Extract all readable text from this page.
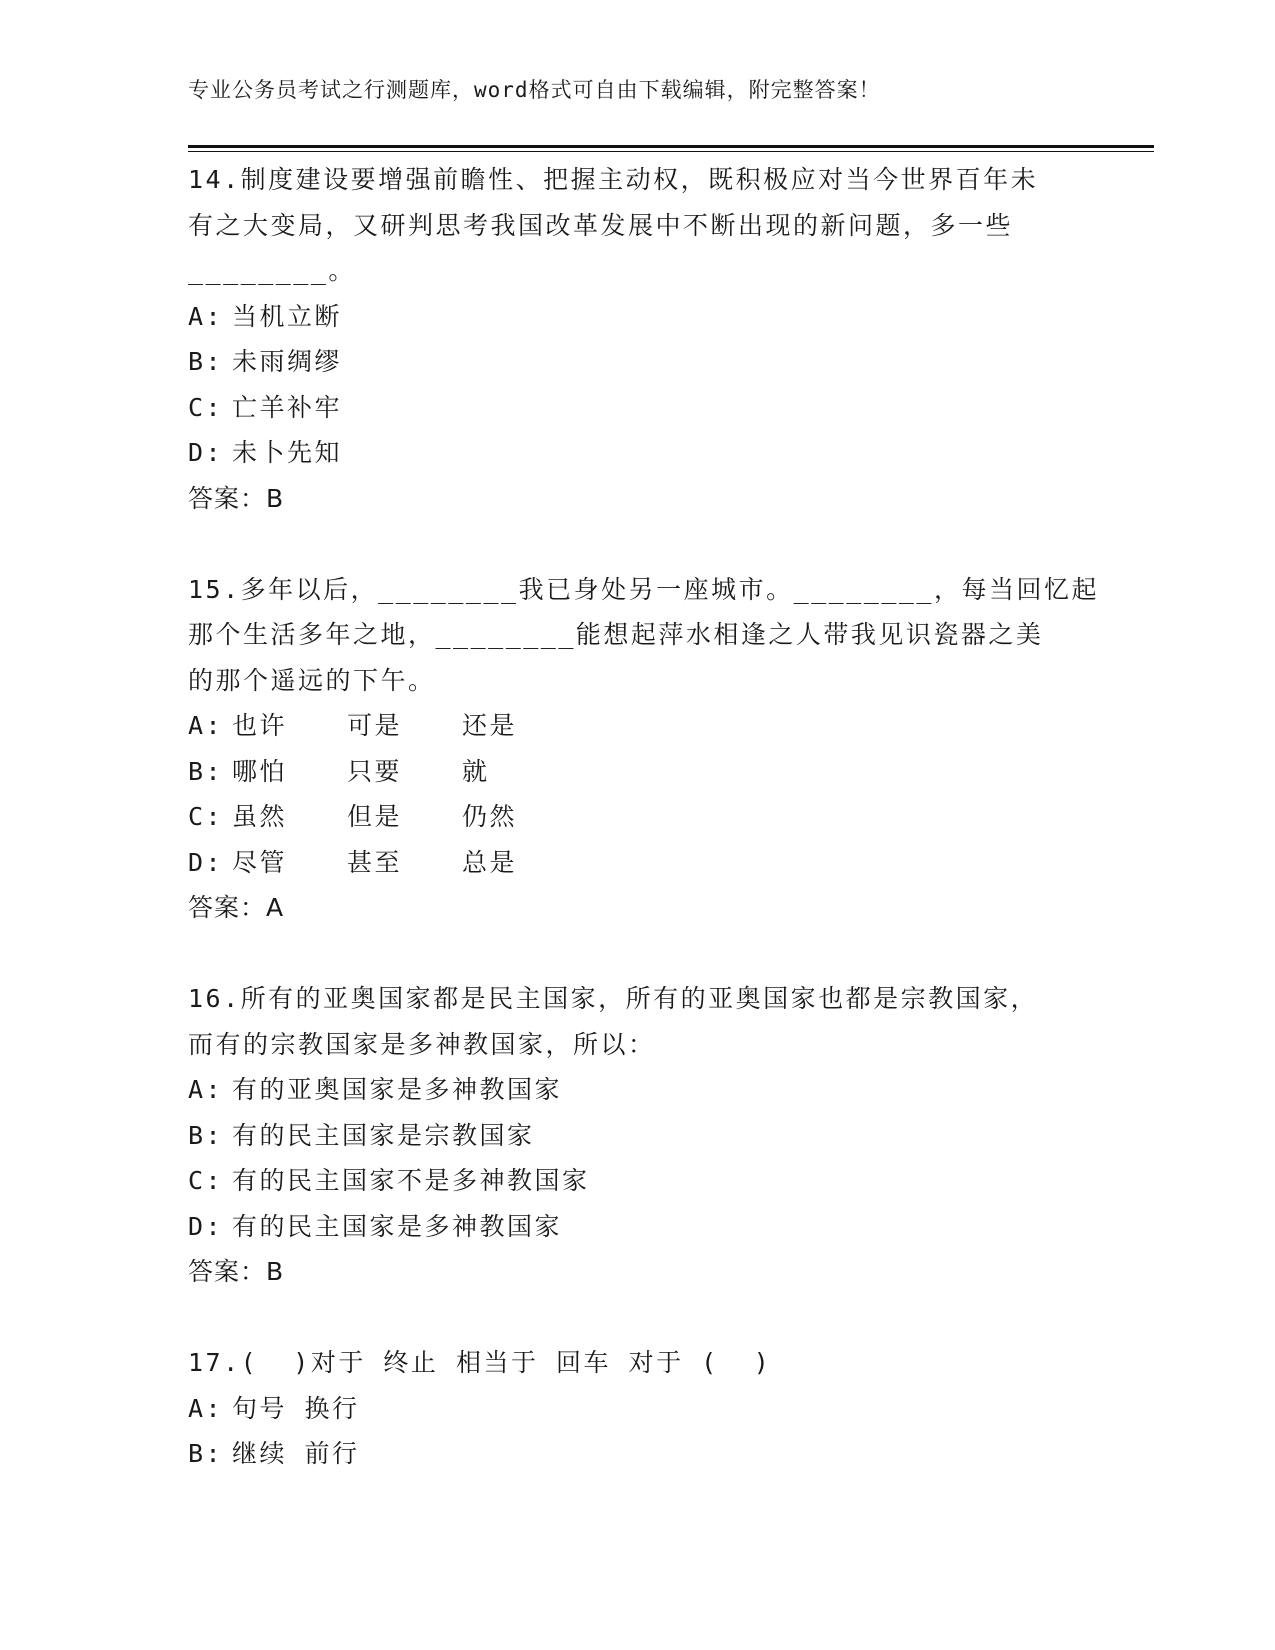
专业公务员考试之行测题库，word格式可自由下载编辑，附完整答案！
14.制度建设要增强前瞻性、把握主动权，既积极应对当今世界百年未
有之大变局，又研判思考我国改革发展中不断出现的新问题，多一些
________。
A: 当机立断
B: 未雨绸缪
C: 亡羊补牢
D: 未卜先知
答案：B
15.多年以后，________我已身处另一座城市。________，每当回忆起
那个生活多年之地，________能想起萍水相逢之人带我见识瓷器之美
的那个遥远的下午。
A: 也许 可是 还是
B: 哪怕 只要 就
C: 虽然 但是 仍然
D: 尽管 甚至 总是
答案：A
16.所有的亚奥国家都是民主国家，所有的亚奥国家也都是宗教国家，
而有的宗教国家是多神教国家，所以：
A: 有的亚奥国家是多神教国家
B: 有的民主国家是宗教国家
C: 有的民主国家不是多神教国家
D: 有的民主国家是多神教国家
答案：B
17.(  )对于 终止 相当于 回车 对于 (  )
A: 句号 换行
B: 继续 前行
